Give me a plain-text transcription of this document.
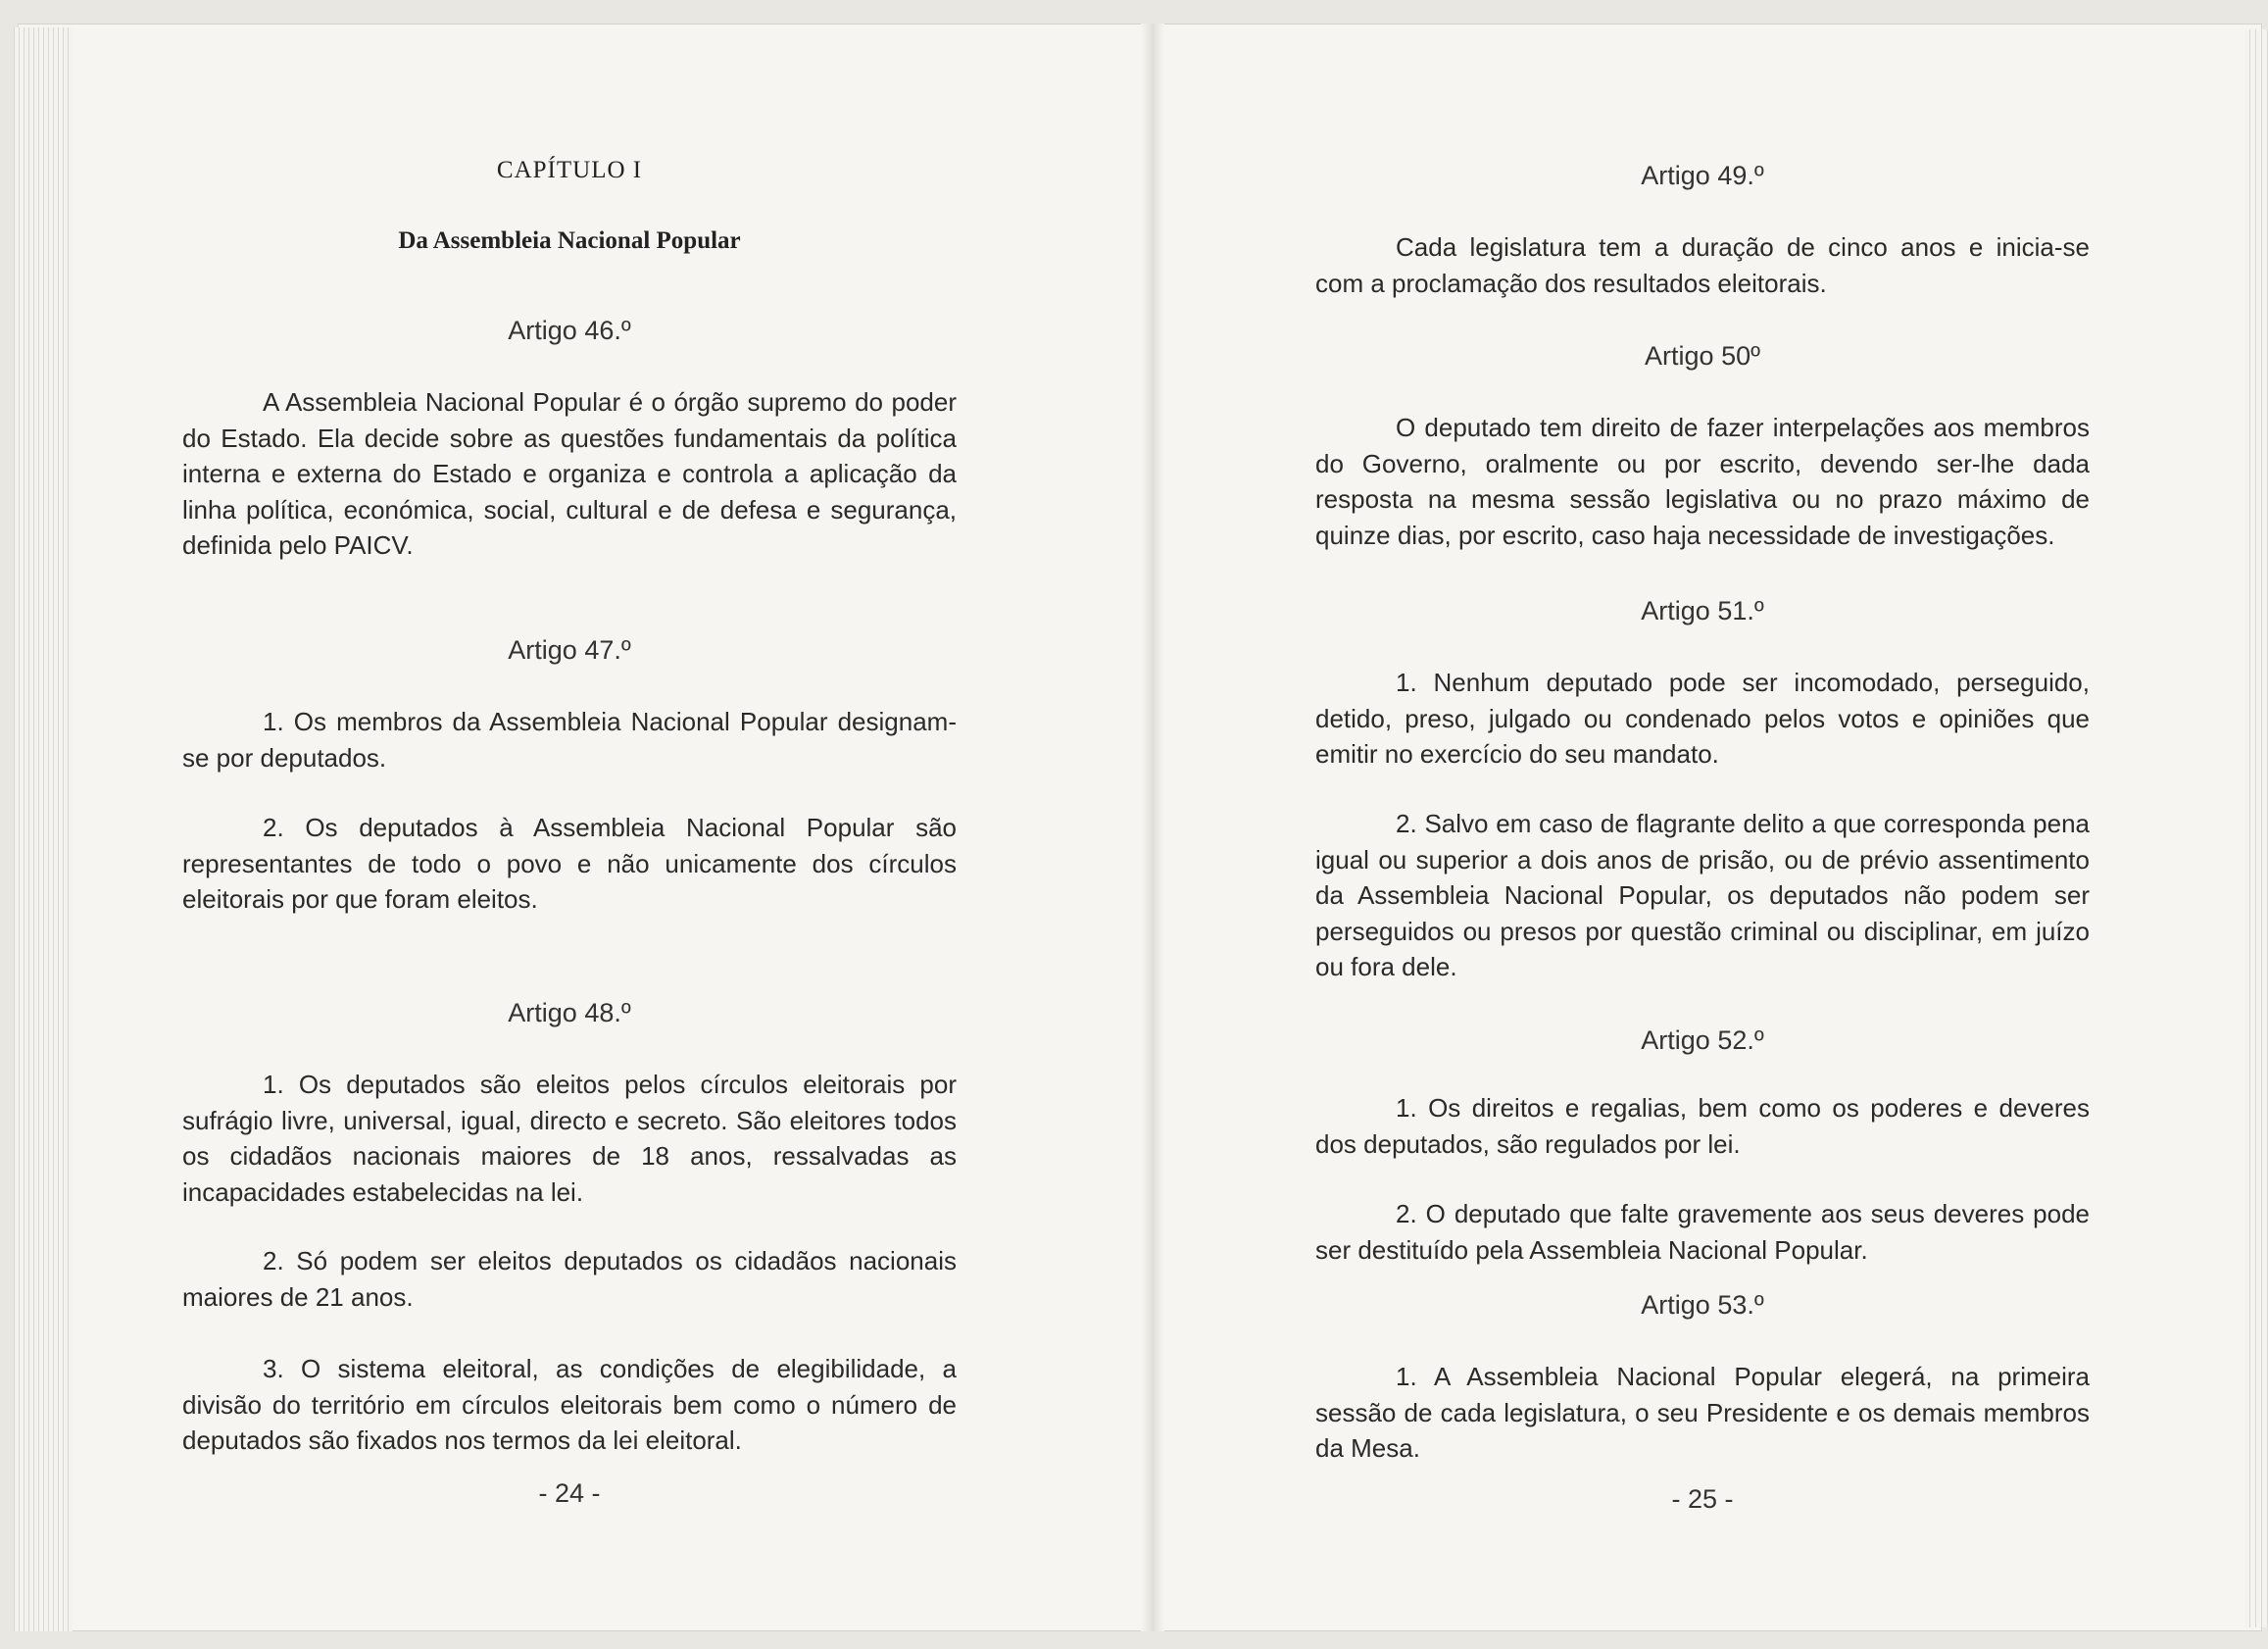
CAPÍTULO I
Da Assembleia Nacional Popular
Artigo 46.º
A Assembleia Nacional Popular é o órgão supremo do poder do Estado. Ela decide sobre as questões fundamentais da política interna e externa do Estado e organiza e controla a aplicação da linha política, económica, social, cultural e de defesa e segurança, definida pelo PAICV.
Artigo 47.º
1. Os membros da Assembleia Nacional Popular designam-se por deputados.
2. Os deputados à Assembleia Nacional Popular são representantes de todo o povo e não unicamente dos círculos eleitorais por que foram eleitos.
Artigo 48.º
1. Os deputados são eleitos pelos círculos eleitorais por sufrágio livre, universal, igual, directo e secreto. São eleitores todos os cidadãos nacionais maiores de 18 anos, ressalvadas as incapacidades estabelecidas na lei.
2. Só podem ser eleitos deputados os cidadãos nacionais maiores de 21 anos.
3. O sistema eleitoral, as condições de elegibilidade, a divisão do território em círculos eleitorais bem como o número de deputados são fixados nos termos da lei eleitoral.
- 24 -
Artigo 49.º
Cada legislatura tem a duração de cinco anos e inicia-se com a proclamação dos resultados eleitorais.
Artigo 50º
O deputado tem direito de fazer interpelações aos membros do Governo, oralmente ou por escrito, devendo ser-lhe dada resposta na mesma sessão legislativa ou no prazo máximo de quinze dias, por escrito, caso haja necessidade de investigações.
Artigo 51.º
1. Nenhum deputado pode ser incomodado, perseguido, detido, preso, julgado ou condenado pelos votos e opiniões que emitir no exercício do seu mandato.
2. Salvo em caso de flagrante delito a que corresponda pena igual ou superior a dois anos de prisão, ou de prévio assentimento da Assembleia Nacional Popular, os deputados não podem ser perseguidos ou presos por questão criminal ou disciplinar, em juízo ou fora dele.
Artigo 52.º
1. Os direitos e regalias, bem como os poderes e deveres dos deputados, são regulados por lei.
2. O deputado que falte gravemente aos seus deveres pode ser destituído pela Assembleia Nacional Popular.
Artigo 53.º
1. A Assembleia Nacional Popular elegerá, na primeira sessão de cada legislatura, o seu Presidente e os demais membros da Mesa.
- 25 -
